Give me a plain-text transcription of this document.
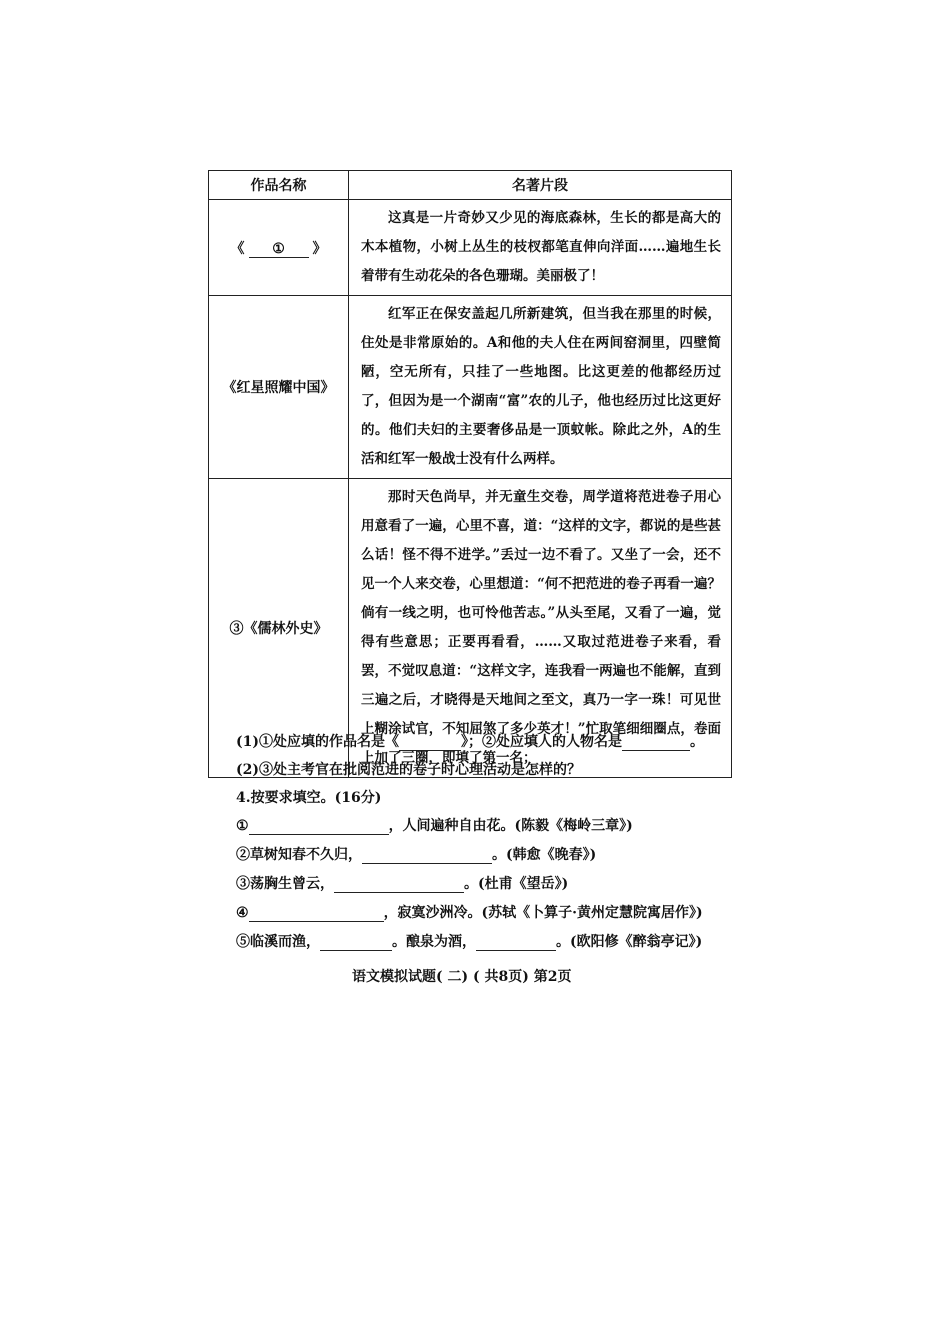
作品名称	名著片段
《 ① 》	这真是一片奇妙又少见的海底森林，生长的都是高大的木本植物，小树上丛生的枝杈都笔直伸向洋面……遍地生长着带有生动花朵的各色珊瑚。美丽极了！
《红星照耀中国》	红军正在保安盖起几所新建筑，但当我在那里的时候，住处是非常原始的。A和他的夫人住在两间窑洞里，四壁简陋，空无所有，只挂了一些地图。比这更差的他都经历过了，但因为是一个湖南“富”农的儿子，他也经历过比这更好的。他们夫妇的主要奢侈品是一顶蚊帐。除此之外，A的生活和红军一般战士没有什么两样。
③《儒林外史》	那时天色尚早，并无童生交卷，周学道将范进卷子用心用意看了一遍，心里不喜，道：“这样的文字，都说的是些甚么话！怪不得不进学。”丢过一边不看了。又坐了一会，还不见一个人来交卷，心里想道：“何不把范进的卷子再看一遍？倘有一线之明，也可怜他苦志。”从头至尾，又看了一遍，觉得有些意思；正要再看看，……又取过范进卷子来看，看罢，不觉叹息道：“这样文字，连我看一两遍也不能解，直到三遍之后，才晓得是天地间之至文，真乃一字一珠！可见世上糊涂试官，不知屈煞了多少英才！”忙取笔细细圈点，卷面上加了三圈，即填了第一名；
(1)①处应填的作品名是《	》；②处应填人的人物名是	。
(2)③处主考官在批阅范进的卷子时心理活动是怎样的？
4.按要求填空。(16分)
①	，人间遍种自由花。(陈毅《梅岭三章》)
②草树知春不久归，	。(韩愈《晚春》)
③荡胸生曾云，	。(杜甫《望岳》)
④	，寂寞沙洲冷。(苏轼《卜算子·黄州定慧院寓居作》)
⑤临溪而渔，	。酿泉为酒，	。(欧阳修《醉翁亭记》)
语文模拟试题( 二) ( 共8页) 第2页
